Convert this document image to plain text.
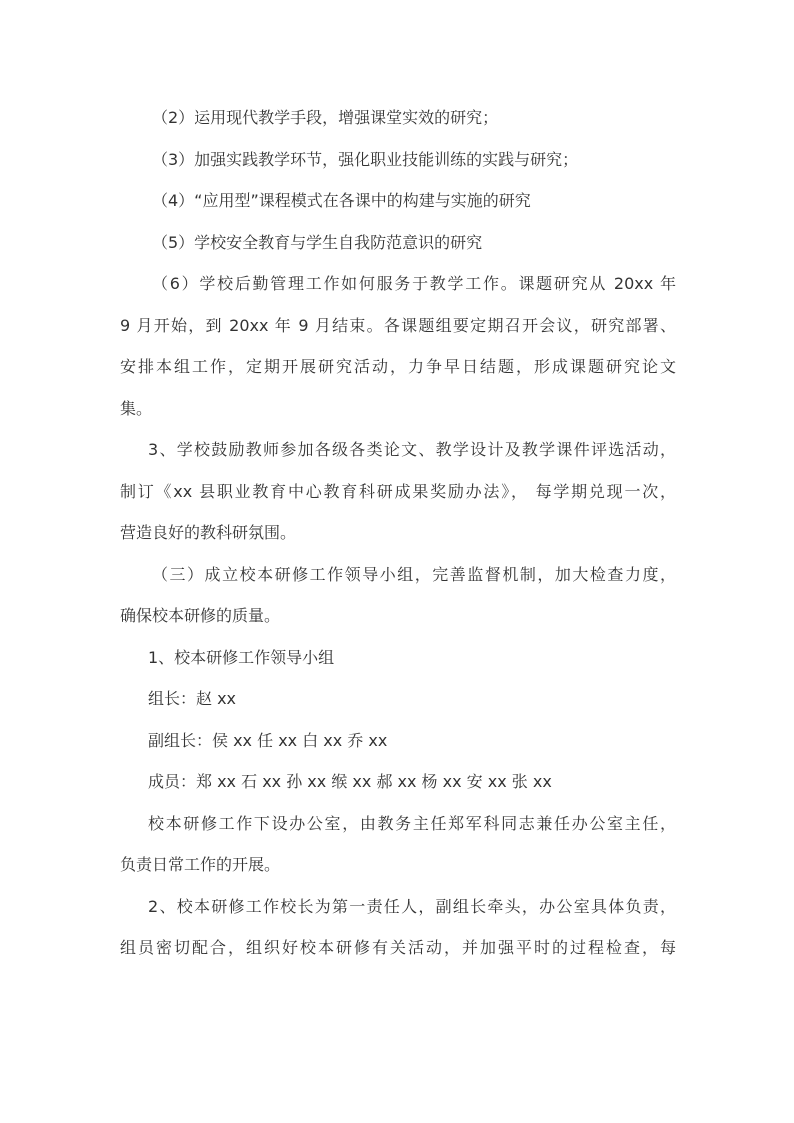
（2）运用现代教学手段，增强课堂实效的研究；

（3）加强实践教学环节，强化职业技能训练的实践与研究；

（4）“应用型”课程模式在各课中的构建与实施的研究

（5）学校安全教育与学生自我防范意识的研究

（6）学校后勤管理工作如何服务于教学工作。课题研究从 20xx 年

9 月开始，到 20xx 年 9 月结束。各课题组要定期召开会议，研究部署、

安排本组工作，定期开展研究活动，力争早日结题，形成课题研究论文

集。

3、学校鼓励教师参加各级各类论文、教学设计及教学课件评选活动，

制订《xx 县职业教育中心教育科研成果奖励办法》， 每学期兑现一次，

营造良好的教科研氛围。

（三）成立校本研修工作领导小组，完善监督机制，加大检查力度，

确保校本研修的质量。

1、校本研修工作领导小组

组长：赵 xx

副组长：侯 xx 任 xx 白 xx 乔 xx

成员：郑 xx 石 xx 孙 xx 缑 xx 郝 xx 杨 xx 安 xx 张 xx

校本研修工作下设办公室，由教务主任郑军科同志兼任办公室主任，

负责日常工作的开展。

2、校本研修工作校长为第一责任人，副组长牵头，办公室具体负责，

组员密切配合，组织好校本研修有关活动，并加强平时的过程检查，每
